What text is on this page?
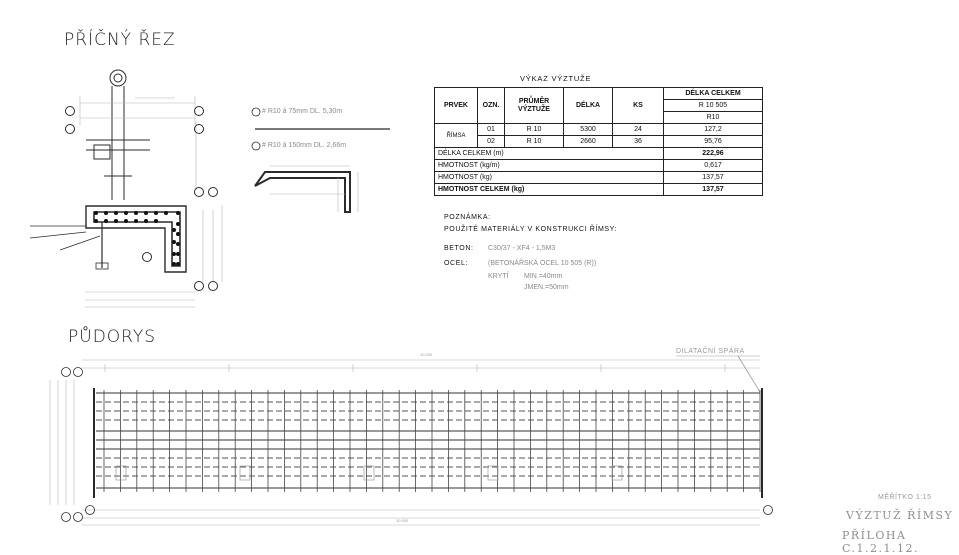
PŘÍČNÝ ŘEZ
PŮDORYS
# R10 á 75mm DL. 5,30m
# R10 á 150mm DL. 2,66m
VÝKAZ VÝZTUŽE
PRVEK	OZN.	PRŮMĚR VÝZTUŽE	DÉLKA	KS	DÉLKA CELKEM
					R 10 505
					R10
ŘÍMSA	01	R 10	5300	24	127,2
	02	R 10	2660	36	95,76
DÉLKA CELKEM (m)					222,96
HMOTNOST (kg/m)					0,617
HMOTNOST (kg)					137,57
HMOTNOST CELKEM (kg)					137,57
POZNÁMKA:
POUŽITÉ MATERIÁLY V KONSTRUKCI ŘÍMSY:
BETON: C30/37 - XF4 - 1,5M3
OCEL:	(BETONÁŘSKÁ OCEL 10 505 (R))
KRYTÍ MIN.=40mm
JMEN.=50mm
DILATAČNÍ SPÁRA
10 000
10 000
MĚŘÍTKO 1:15
VÝZTUŽ ŘÍMSY
PŘÍLOHA C.1.2.1.12.
